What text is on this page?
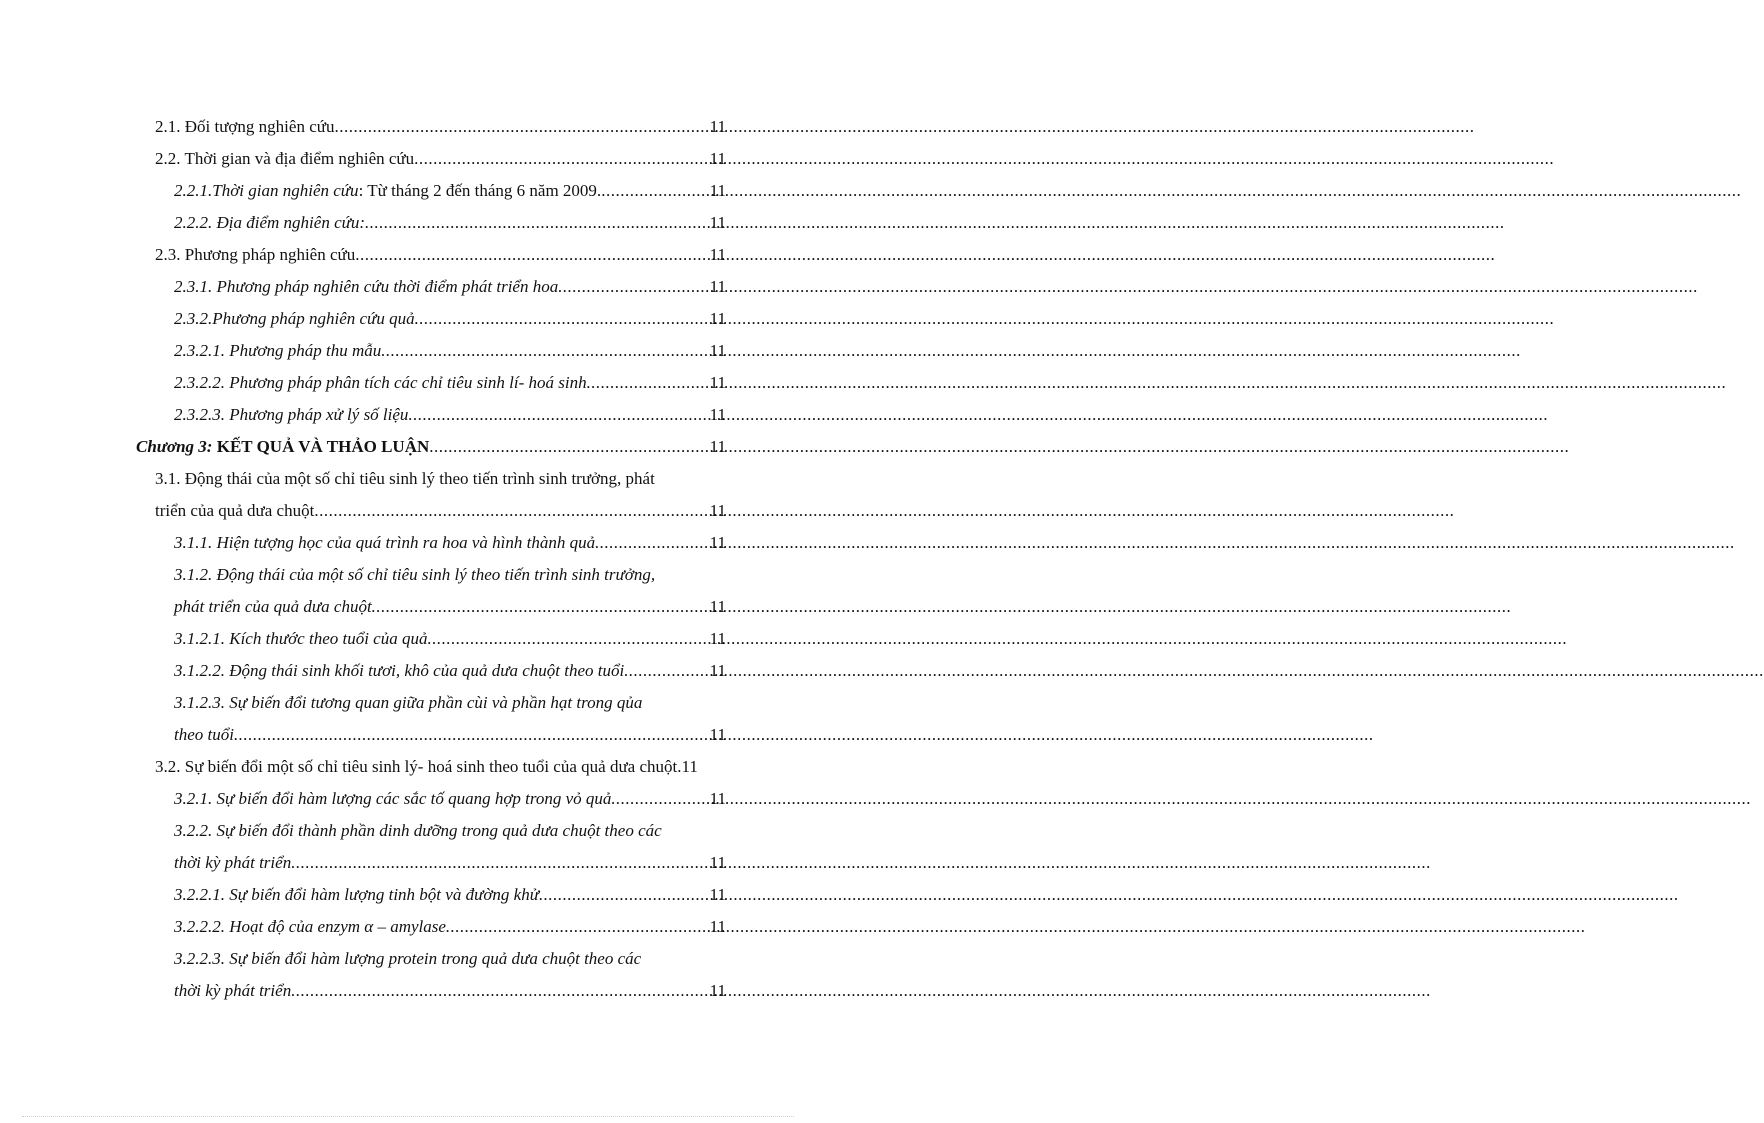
2.1. Đối tượng nghiên cứu .....	11
2.2. Thời gian và địa điểm nghiên cứu .....	11
2.2.1.Thời gian nghiên cứu: Từ tháng 2 đến tháng 6 năm 2009. .....	11
2.2.2. Địa điểm nghiên cứu: .....	11
2.3. Phương pháp nghiên cứu .....	11
2.3.1. Phương pháp nghiên cứu thời điểm phát triển hoa .....	11
2.3.2.Phương pháp nghiên cứu quả .....	11
2.3.2.1. Phương pháp thu mẫu .....	11
2.3.2.2. Phương pháp phân tích các chỉ tiêu sinh lí- hoá sinh .....	11
2.3.2.3. Phương pháp xử lý số liệu .....	11
Chương 3: KẾT QUẢ VÀ THẢO LUẬN .....	11
3.1. Động thái của một số chỉ tiêu sinh lý theo tiến trình sinh trưởng, phát
triển của quả dưa chuột .....	11
3.1.1. Hiện tượng học của quá trình ra hoa và hình thành quả .....	11
3.1.2. Động thái của một số chỉ tiêu sinh lý theo tiến trình sinh trưởng,
phát triển của quả dưa chuột .....	11
3.1.2.1. Kích thước theo tuổi của quả .....	11
3.1.2.2. Động thái sinh khối tươi, khô của quả dưa chuột theo tuổi .....	11
3.1.2.3. Sự biến đổi tương quan giữa phần cùi và phần hạt trong qủa
theo tuổi .....	11
3.2. Sự biến đổi một số chỉ tiêu sinh lý- hoá sinh theo tuổi của quả dưa chuột. 11
3.2.1. Sự biến đổi hàm lượng các sắc tố quang hợp trong vỏ quả .....	11
3.2.2. Sự biến đổi thành phần dinh dưỡng trong quả dưa chuột theo các
thời kỳ phát triển .....	11
3.2.2.1. Sự biến đổi hàm lượng tinh bột và đường khử .....	11
3.2.2.2. Hoạt độ của enzym α – amylase .....	11
3.2.2.3. Sự biến đổi hàm lượng protein trong quả dưa chuột theo các
thời kỳ phát triển .....	11
